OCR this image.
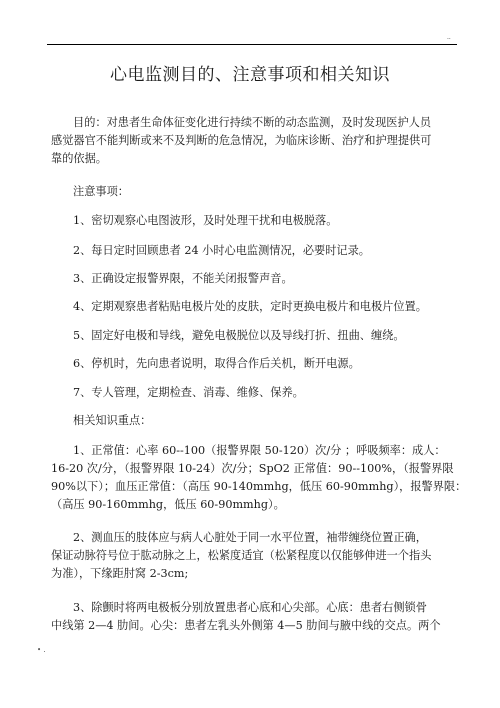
..
心电监测目的、注意事项和相关知识
目的：对患者生命体征变化进行持续不断的动态监测，及时发现医护人员
感觉器官不能判断或来不及判断的危急情况，为临床诊断、治疗和护理提供可
靠的依据。
注意事项：
1、密切观察心电图波形，及时处理干扰和电极脱落。
2、每日定时回顾患者 24 小时心电监测情况，必要时记录。
3、正确设定报警界限，不能关闭报警声音。
4、定期观察患者粘贴电极片处的皮肤，定时更换电极片和电极片位置。
5、固定好电极和导线，避免电极脱位以及导线打折、扭曲、缠绕。
6、停机时，先向患者说明，取得合作后关机，断开电源。
7、专人管理，定期检查、消毒、维修、保养。
相关知识重点：
1、正常值：心率 60--100（报警界限 50-120）次/分 ；呼吸频率：成人：
16-20 次/分，（报警界限 10-24）次/分；SpO2 正常值：90--100%，（报警界限
90%以下）；血压正常值：（高压 90-140mmhg，低压 60-90mmhg），报警界限：
（高压 90-160mmhg，低压 60-90mmhg）。
2、测血压的肢体应与病人心脏处于同一水平位置，袖带缠绕位置正确，
保证动脉符号位于肱动脉之上，松紧度适宜（松紧程度以仅能够伸进一个指头
为准），下缘距肘窝 2-3cm;
3、除颤时将两电极板分别放置患者心底和心尖部。心底：患者右侧锁骨
中线第 2—4 肋间。心尖：患者左乳头外侧第 4—5 肋间与腋中线的交点。两个
• .
